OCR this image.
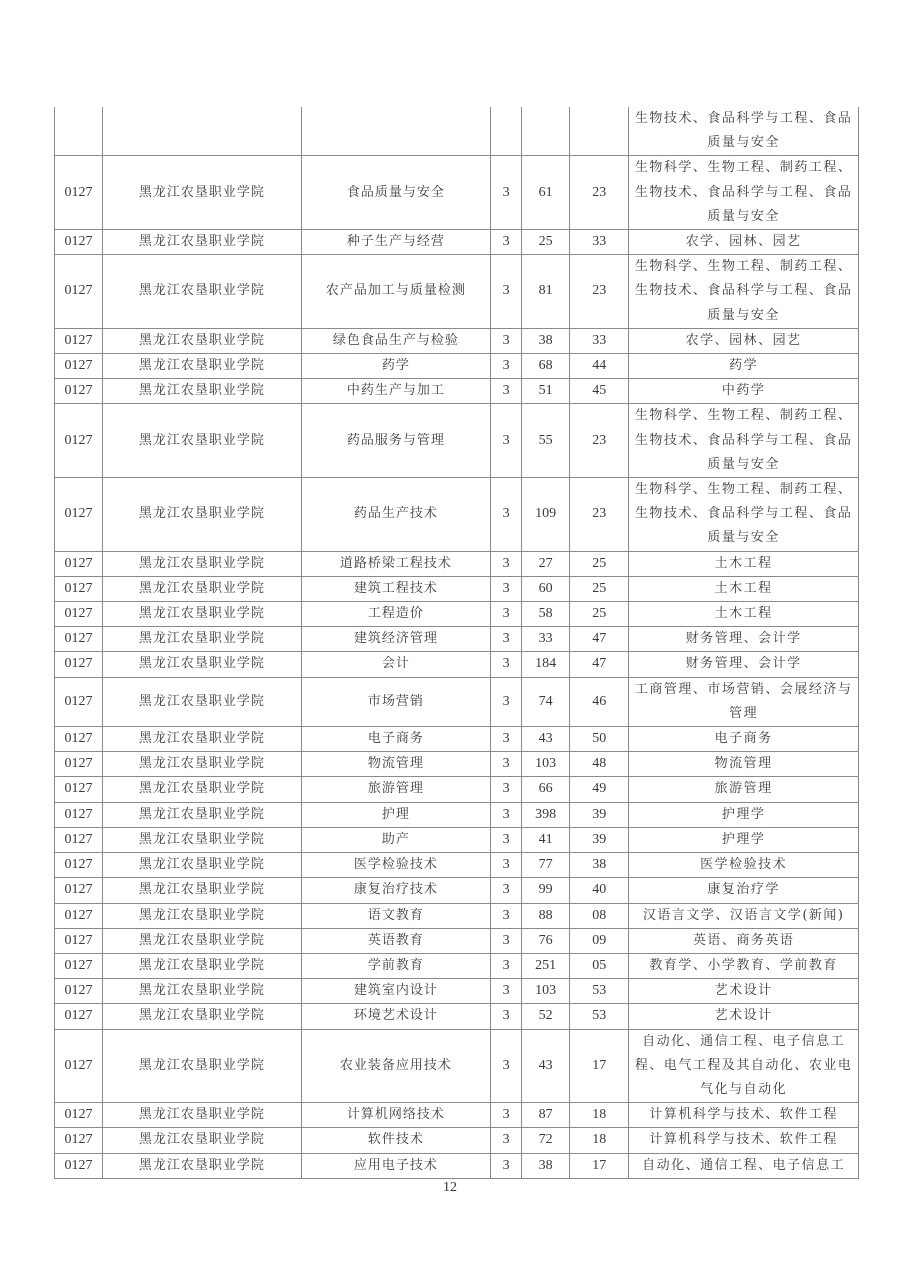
						生物技术、食品科学与工程、食品质量与安全
0127	黑龙江农垦职业学院	食品质量与安全	3	61	23	生物科学、生物工程、制药工程、生物技术、食品科学与工程、食品质量与安全
0127	黑龙江农垦职业学院	种子生产与经营	3	25	33	农学、园林、园艺
0127	黑龙江农垦职业学院	农产品加工与质量检测	3	81	23	生物科学、生物工程、制药工程、生物技术、食品科学与工程、食品质量与安全
0127	黑龙江农垦职业学院	绿色食品生产与检验	3	38	33	农学、园林、园艺
0127	黑龙江农垦职业学院	药学	3	68	44	药学
0127	黑龙江农垦职业学院	中药生产与加工	3	51	45	中药学
0127	黑龙江农垦职业学院	药品服务与管理	3	55	23	生物科学、生物工程、制药工程、生物技术、食品科学与工程、食品质量与安全
0127	黑龙江农垦职业学院	药品生产技术	3	109	23	生物科学、生物工程、制药工程、生物技术、食品科学与工程、食品质量与安全
0127	黑龙江农垦职业学院	道路桥梁工程技术	3	27	25	土木工程
0127	黑龙江农垦职业学院	建筑工程技术	3	60	25	土木工程
0127	黑龙江农垦职业学院	工程造价	3	58	25	土木工程
0127	黑龙江农垦职业学院	建筑经济管理	3	33	47	财务管理、会计学
0127	黑龙江农垦职业学院	会计	3	184	47	财务管理、会计学
0127	黑龙江农垦职业学院	市场营销	3	74	46	工商管理、市场营销、会展经济与管理
0127	黑龙江农垦职业学院	电子商务	3	43	50	电子商务
0127	黑龙江农垦职业学院	物流管理	3	103	48	物流管理
0127	黑龙江农垦职业学院	旅游管理	3	66	49	旅游管理
0127	黑龙江农垦职业学院	护理	3	398	39	护理学
0127	黑龙江农垦职业学院	助产	3	41	39	护理学
0127	黑龙江农垦职业学院	医学检验技术	3	77	38	医学检验技术
0127	黑龙江农垦职业学院	康复治疗技术	3	99	40	康复治疗学
0127	黑龙江农垦职业学院	语文教育	3	88	08	汉语言文学、汉语言文学(新闻)
0127	黑龙江农垦职业学院	英语教育	3	76	09	英语、商务英语
0127	黑龙江农垦职业学院	学前教育	3	251	05	教育学、小学教育、学前教育
0127	黑龙江农垦职业学院	建筑室内设计	3	103	53	艺术设计
0127	黑龙江农垦职业学院	环境艺术设计	3	52	53	艺术设计
0127	黑龙江农垦职业学院	农业装备应用技术	3	43	17	自动化、通信工程、电子信息工程、电气工程及其自动化、农业电气化与自动化
0127	黑龙江农垦职业学院	计算机网络技术	3	87	18	计算机科学与技术、软件工程
0127	黑龙江农垦职业学院	软件技术	3	72	18	计算机科学与技术、软件工程
0127	黑龙江农垦职业学院	应用电子技术	3	38	17	自动化、通信工程、电子信息工
12
